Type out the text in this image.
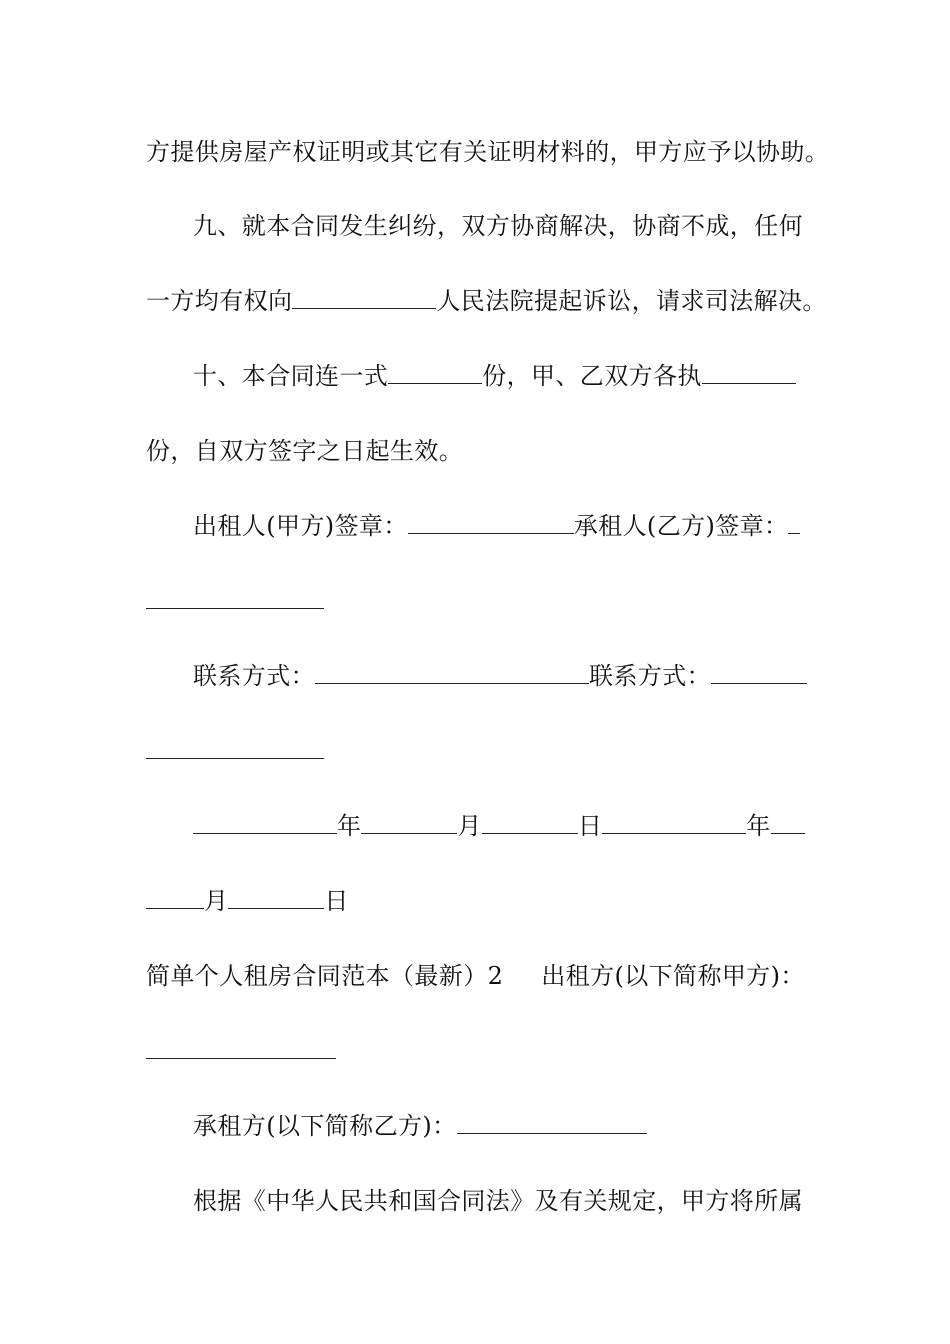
方提供房屋产权证明或其它有关证明材料的，甲方应予以协助。
九、就本合同发生纠纷，双方协商解决，协商不成，任何
一方均有权向	人民法院提起诉讼，请求司法解决。
十、本合同连一式	份，甲、乙双方各执
份，自双方签字之日起生效。
出租人(甲方)签章：	承租人(乙方)签章：
联系方式：	联系方式：
年	月	日	年
月	日
简单个人租房合同范本（最新）2 出租方(以下简称甲方)：
承租方(以下简称乙方)：
根据《中华人民共和国合同法》及有关规定，甲方将所属
